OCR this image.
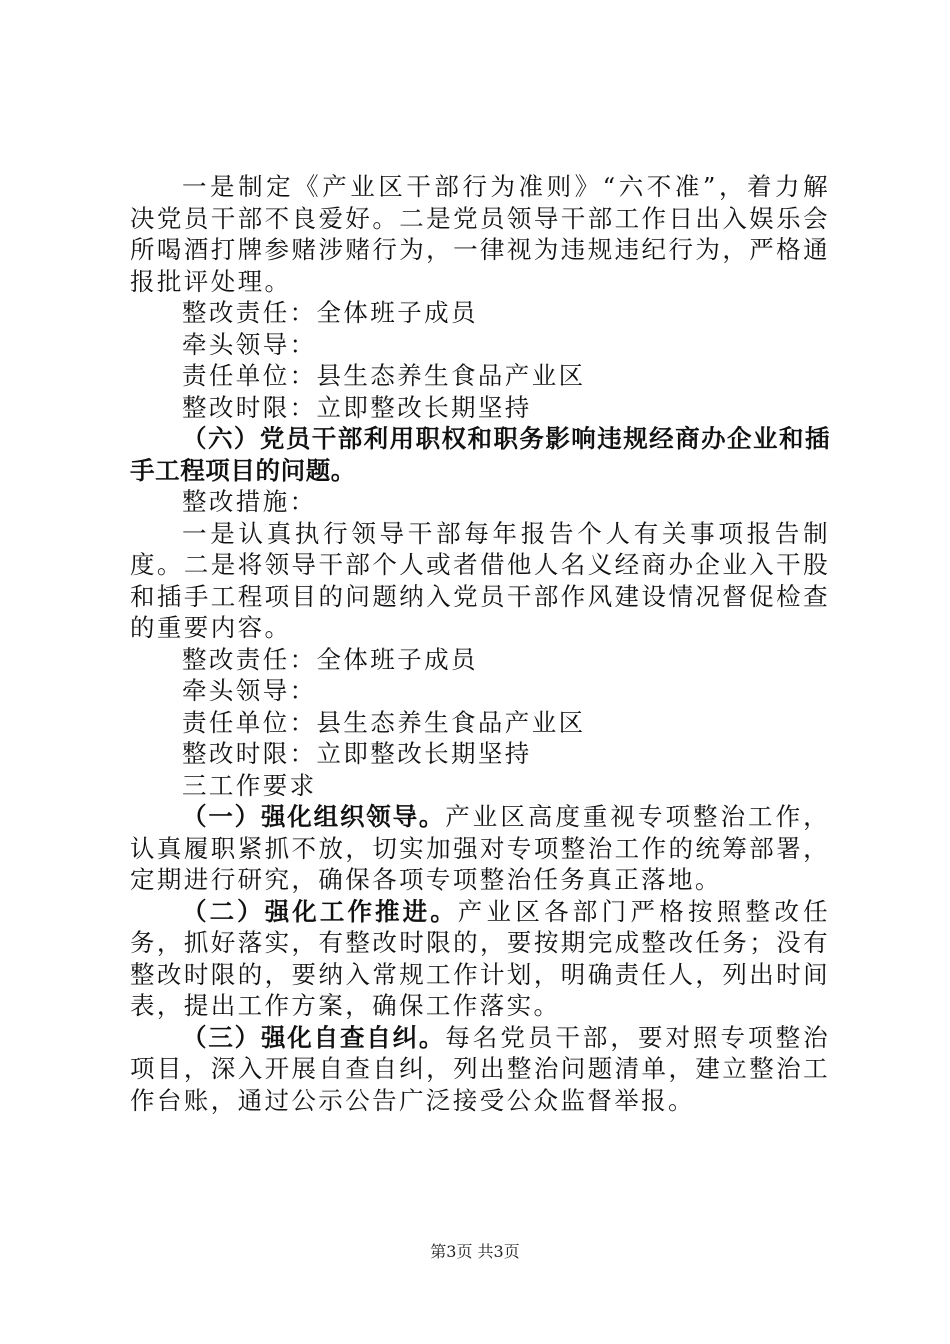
一是制定《产业区干部行为准则》“六不准”，着力解决党员干部不良爱好。二是党员领导干部工作日出入娱乐会所喝酒打牌参赌涉赌行为，一律视为违规违纪行为，严格通报批评处理。

整改责任：全体班子成员

牵头领导：

责任单位：县生态养生食品产业区

整改时限：立即整改长期坚持

（六）党员干部利用职权和职务影响违规经商办企业和插手工程项目的问题。

整改措施：

一是认真执行领导干部每年报告个人有关事项报告制度。二是将领导干部个人或者借他人名义经商办企业入干股和插手工程项目的问题纳入党员干部作风建设情况督促检查的重要内容。

整改责任：全体班子成员

牵头领导：

责任单位：县生态养生食品产业区

整改时限：立即整改长期坚持

三工作要求

（一）强化组织领导。产业区高度重视专项整治工作，认真履职紧抓不放，切实加强对专项整治工作的统筹部署，定期进行研究，确保各项专项整治任务真正落地。

（二）强化工作推进。产业区各部门严格按照整改任务，抓好落实，有整改时限的，要按期完成整改任务；没有整改时限的，要纳入常规工作计划，明确责任人，列出时间表，提出工作方案，确保工作落实。

（三）强化自查自纠。每名党员干部，要对照专项整治项目，深入开展自查自纠，列出整治问题清单，建立整治工作台账，通过公示公告广泛接受公众监督举报。

第3页 共3页
